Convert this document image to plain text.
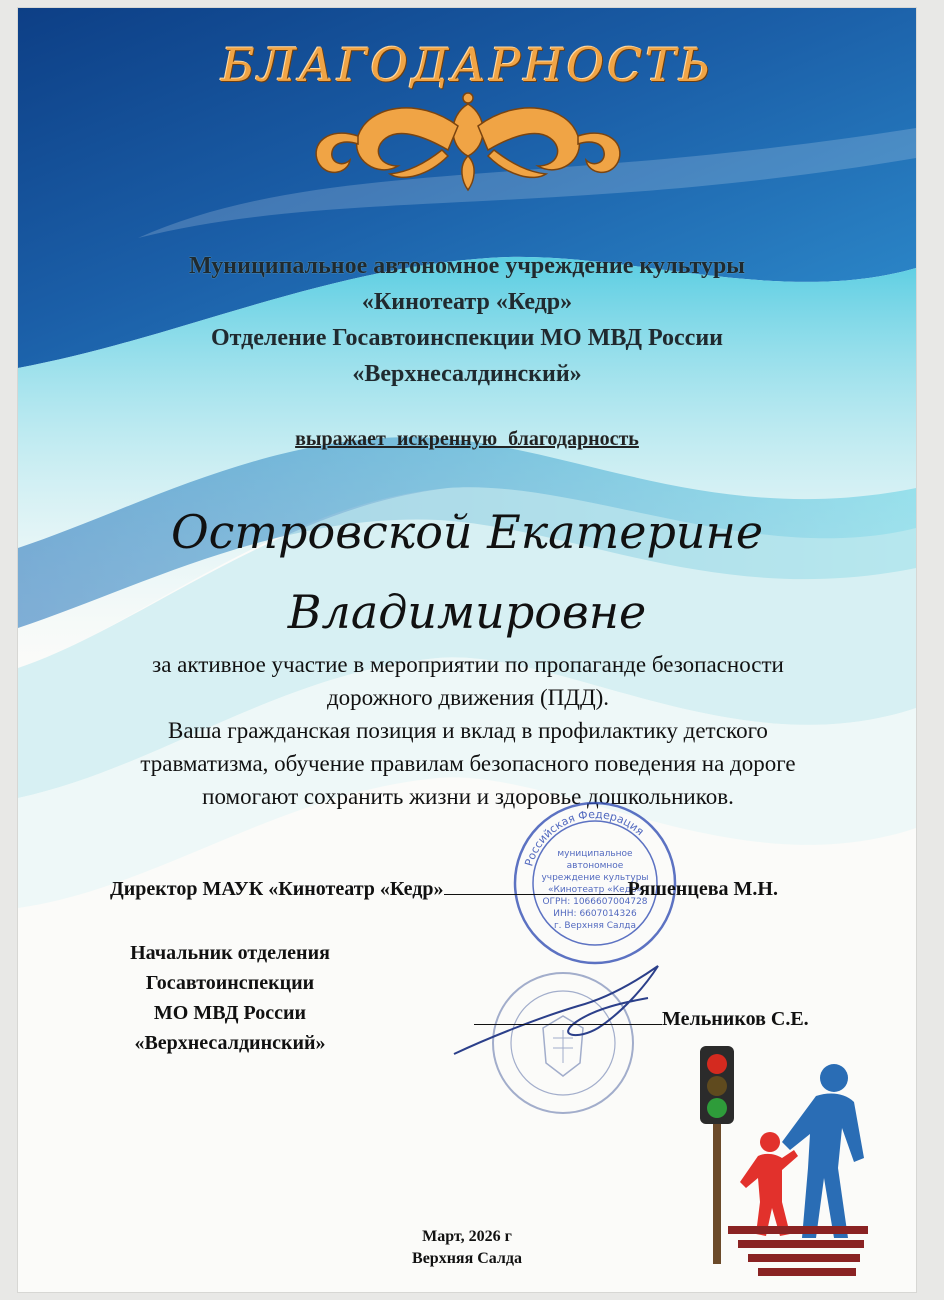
БЛАГОДАРНОСТЬ
Муниципальное автономное учреждение культуры
«Кинотеатр «Кедр»
Отделение Госавтоинспекции МО МВД России
«Верхнесалдинский»
выражает искренную благодарность
Островской Екатерине
Владимировне
за активное участие в мероприятии по пропаганде безопасности
дорожного движения (ПДД).
Ваша гражданская позиция и вклад в профилактику детского
травматизма, обучение правилам безопасного поведения на дороге
помогают сохранить жизни и здоровье дошкольников.
Российская Федерация
муниципальное
автономное
учреждение культуры
«Кинотеатр «Кедр»
ОГРН: 1066607004728
ИНН: 6607014326
г. Верхняя Салда
Директор МАУК «Кинотеатр «Кедр»	Ряшенцева М.Н.
Начальник отделения
Госавтоинспекции
МО МВД России
«Верхнесалдинский»
Мельников С.Е.
Март, 2026 г
Верхняя Салда
